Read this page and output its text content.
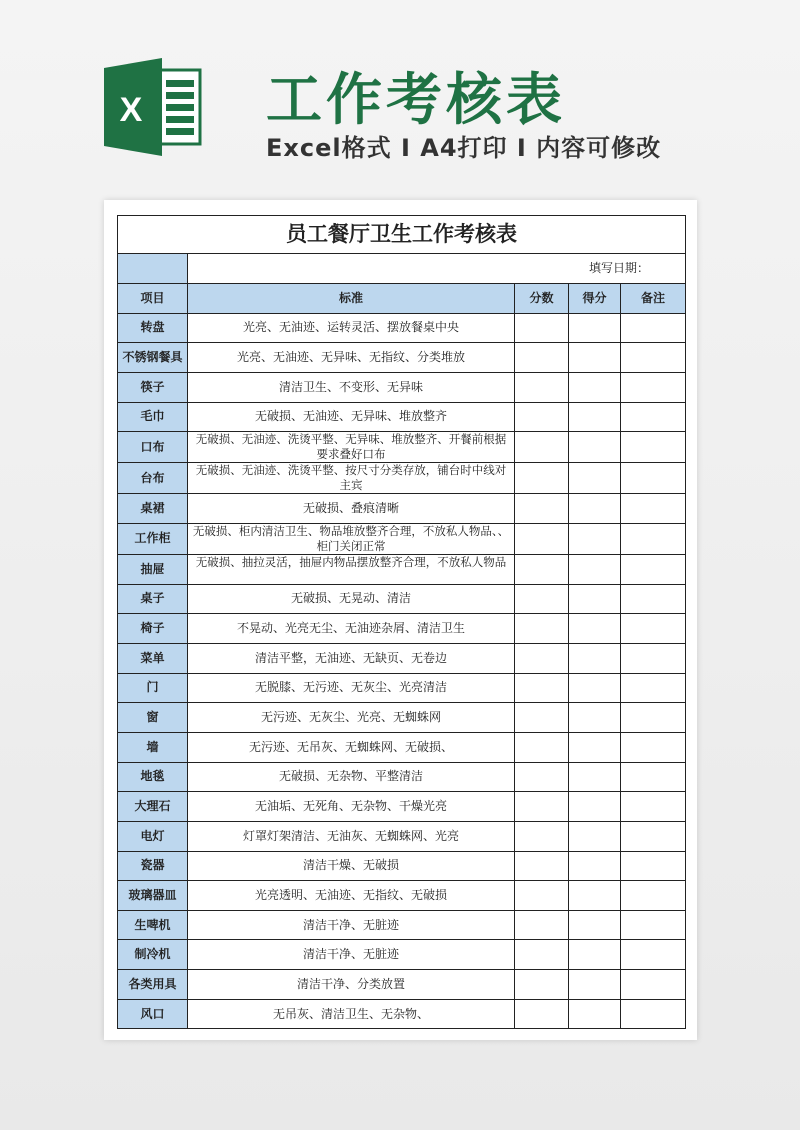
X 工作考核表
Excel格式 I A4打印 I 内容可修改
员工餐厅卫生工作考核表				
	填写日期：			
项目	标准	分数	得分	备注
转盘	光亮、无油迹、运转灵活、摆放餐桌中央			
不锈钢餐具	光亮、无油迹、无异味、无指纹、分类堆放			
筷子	清洁卫生、不变形、无异味			
毛巾	无破损、无油迹、无异味、堆放整齐			
口布	无破损、无油迹、洗烫平整、无异味、堆放整齐、开餐前根据要求叠好口布			
台布	无破损、无油迹、洗烫平整、按尺寸分类存放，铺台时中线对主宾			
桌裙	无破损、叠痕清晰			
工作柜	无破损、柜内清洁卫生、物品堆放整齐合理，不放私人物品、、柜门关闭正常			
抽屉	无破损、抽拉灵活，抽屉内物品摆放整齐合理，不放私人物品			
桌子	无破损、无晃动、清洁			
椅子	不晃动、光亮无尘、无油迹杂屑、清洁卫生			
菜单	清洁平整，无油迹、无缺页、无卷边			
门	无脱膝、无污迹、无灰尘、光亮清洁			
窗	无污迹、无灰尘、光亮、无蜘蛛网			
墙	无污迹、无吊灰、无蜘蛛网、无破损、			
地毯	无破损、无杂物、平整清洁			
大理石	无油垢、无死角、无杂物、干燥光亮			
电灯	灯罩灯架清洁、无油灰、无蜘蛛网、光亮			
瓷器	清洁干燥、无破损			
玻璃器皿	光亮透明、无油迹、无指纹、无破损			
生啤机	清洁干净、无脏迹			
制冷机	清洁干净、无脏迹			
各类用具	清洁干净、分类放置			
风口	无吊灰、清洁卫生、无杂物、			
